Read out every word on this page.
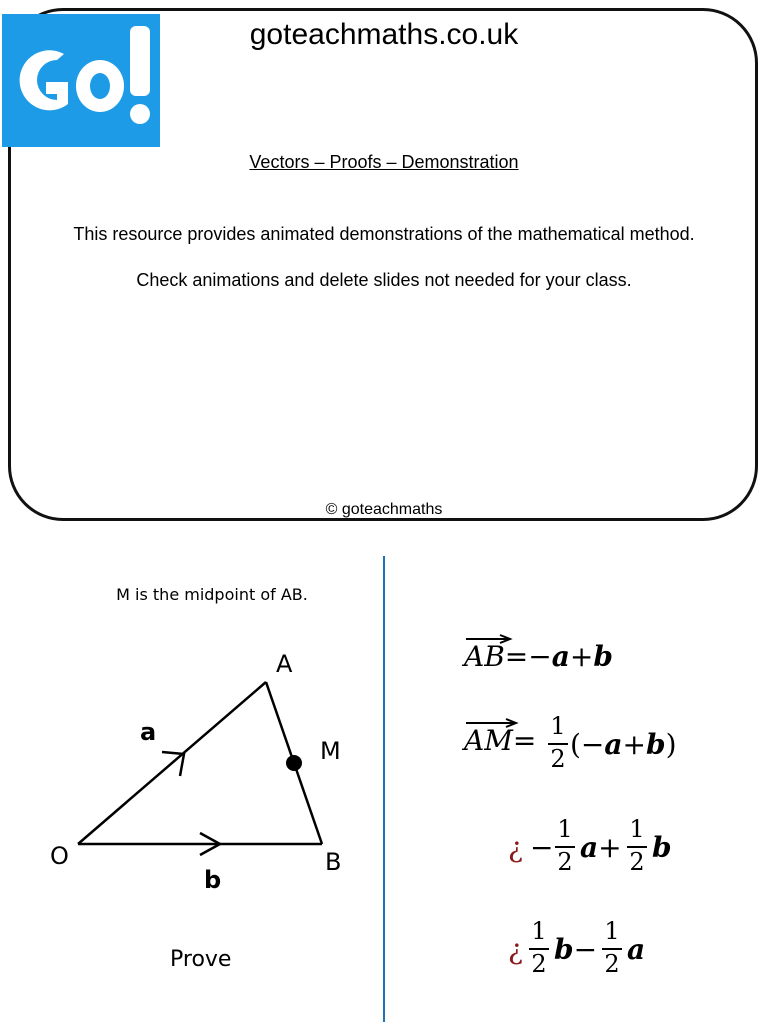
goteachmaths.co.uk
Vectors – Proofs – Demonstration
This resource provides animated demonstrations of the mathematical method.
Check animations and delete slides not needed for your class.
© goteachmaths
M is the midpoint of AB.
A
M
O	B
a
b
Prove
AB=−a+b
AM= 1
2 (−a+b)
¿ −
1
2 a+
1
2 b
¿
1
2 b−
1
2 a
